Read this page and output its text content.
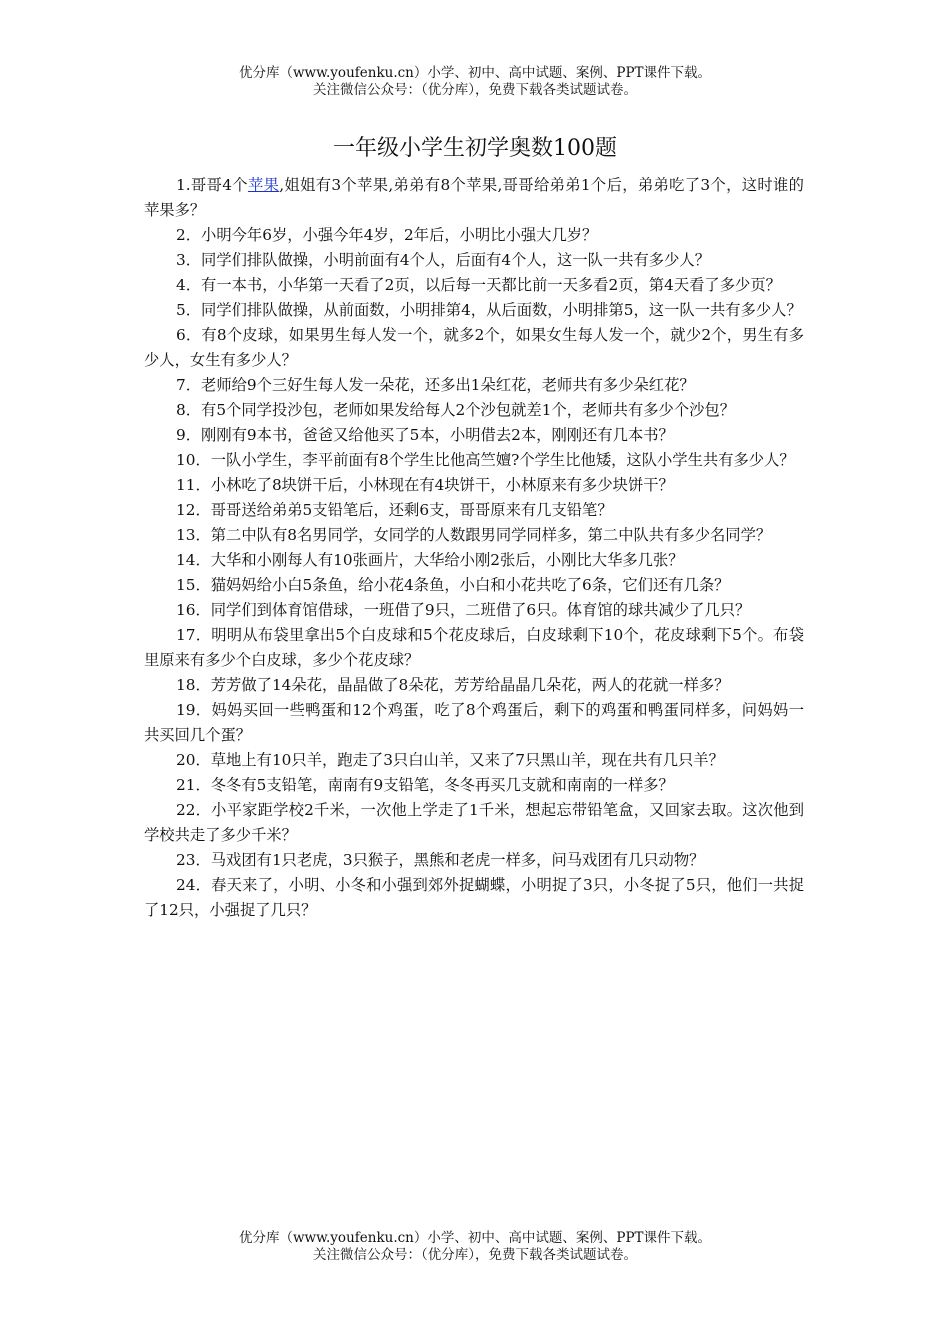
优分库（www.youfenku.cn）小学、初中、高中试题、案例、PPT课件下载。
关注微信公众号：（优分库），免费下载各类试题试卷。
一年级小学生初学奥数100题

1.哥哥4个苹果,姐姐有3个苹果,弟弟有8个苹果,哥哥给弟弟1个后，弟弟吃了3个，这时谁的苹果多？

2．小明今年6岁，小强今年4岁，2年后，小明比小强大几岁？

3．同学们排队做操，小明前面有4个人，后面有4个人，这一队一共有多少人？

4．有一本书，小华第一天看了2页，以后每一天都比前一天多看2页，第4天看了多少页？

5．同学们排队做操，从前面数，小明排第4，从后面数，小明排第5，这一队一共有多少人？

6．有8个皮球，如果男生每人发一个，就多2个，如果女生每人发一个，就少2个，男生有多少人，女生有多少人？

7．老师给9个三好生每人发一朵花，还多出1朵红花，老师共有多少朵红花？

8．有5个同学投沙包，老师如果发给每人2个沙包就差1个，老师共有多少个沙包？

9．刚刚有9本书，爸爸又给他买了5本，小明借去2本，刚刚还有几本书？

10．一队小学生，李平前面有8个学生比他高竺嬗?个学生比他矮，这队小学生共有多少人？

11．小林吃了8块饼干后，小林现在有4块饼干，小林原来有多少块饼干？

12．哥哥送给弟弟5支铅笔后，还剩6支，哥哥原来有几支铅笔？

13．第二中队有8名男同学，女同学的人数跟男同学同样多，第二中队共有多少名同学？

14．大华和小刚每人有10张画片，大华给小刚2张后，小刚比大华多几张？

15．猫妈妈给小白5条鱼，给小花4条鱼，小白和小花共吃了6条，它们还有几条？

16．同学们到体育馆借球，一班借了9只，二班借了6只。体育馆的球共减少了几只？

17．明明从布袋里拿出5个白皮球和5个花皮球后，白皮球剩下10个，花皮球剩下5个。布袋里原来有多少个白皮球，多少个花皮球？

18．芳芳做了14朵花，晶晶做了8朵花，芳芳给晶晶几朵花，两人的花就一样多？

19．妈妈买回一些鸭蛋和12个鸡蛋，吃了8个鸡蛋后，剩下的鸡蛋和鸭蛋同样多，问妈妈一共买回几个蛋？

20．草地上有10只羊，跑走了3只白山羊，又来了7只黑山羊，现在共有几只羊？

21．冬冬有5支铅笔，南南有9支铅笔，冬冬再买几支就和南南的一样多？

22．小平家距学校2千米，一次他上学走了1千米，想起忘带铅笔盒，又回家去取。这次他到学校共走了多少千米？

23．马戏团有1只老虎，3只猴子，黑熊和老虎一样多，问马戏团有几只动物？

24．春天来了，小明、小冬和小强到郊外捉蝴蝶，小明捉了3只，小冬捉了5只，他们一共捉了12只，小强捉了几只？

优分库（www.youfenku.cn）小学、初中、高中试题、案例、PPT课件下载。
关注微信公众号：（优分库），免费下载各类试题试卷。
